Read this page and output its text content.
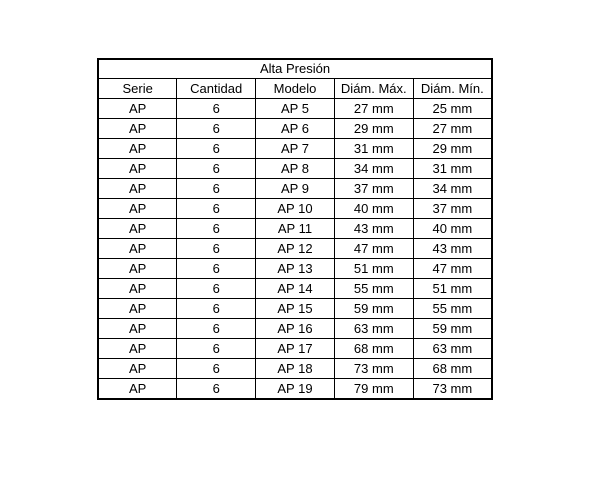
Alta Presión				
Serie	Cantidad	Modelo	Diám. Máx.	Diám. Mín.
AP	6	AP 5	27 mm	25 mm
AP	6	AP 6	29 mm	27 mm
AP	6	AP 7	31 mm	29 mm
AP	6	AP 8	34 mm	31 mm
AP	6	AP 9	37 mm	34 mm
AP	6	AP 10	40 mm	37 mm
AP	6	AP 11	43 mm	40 mm
AP	6	AP 12	47 mm	43 mm
AP	6	AP 13	51 mm	47 mm
AP	6	AP 14	55 mm	51 mm
AP	6	AP 15	59 mm	55 mm
AP	6	AP 16	63 mm	59 mm
AP	6	AP 17	68 mm	63 mm
AP	6	AP 18	73 mm	68 mm
AP	6	AP 19	79 mm	73 mm
